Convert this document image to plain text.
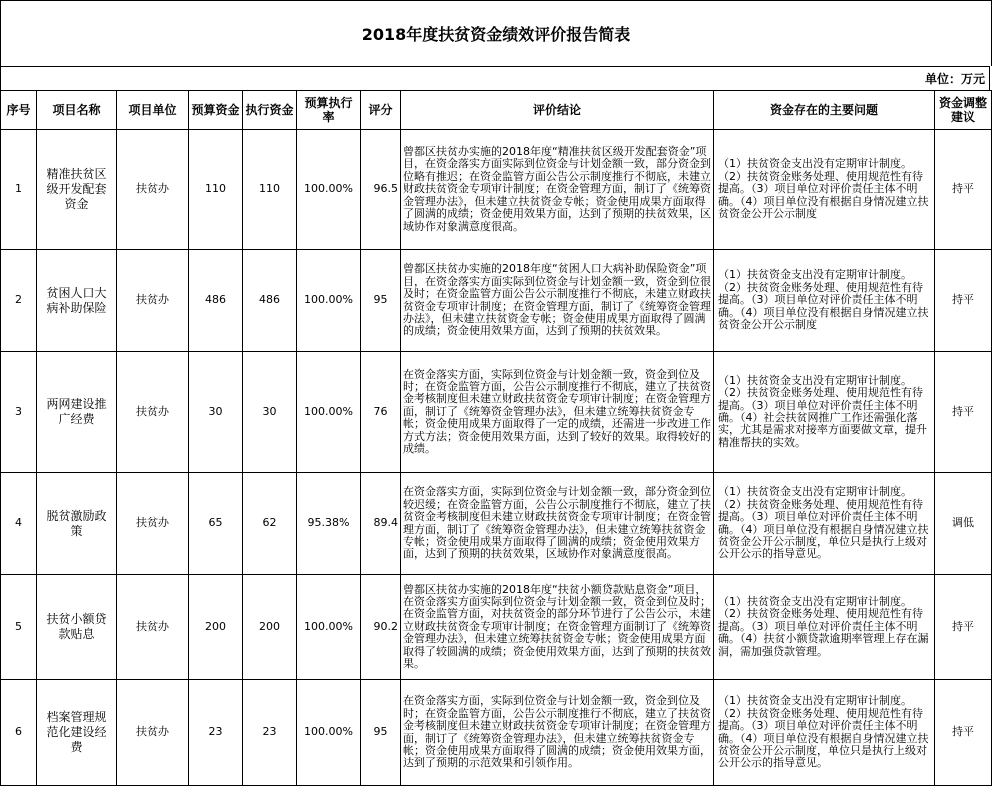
2018年度扶贫资金绩效评价报告简表
单位：万元
序号	项目名称	项目单位	预算资金	执行资金	预算执行率	评分	评价结论	资金存在的主要问题	资金调整建议
1	精准扶贫区级开发配套资金	扶贫办	110	110	100.00%	96.5	曾都区扶贫办实施的2018年度“精准扶贫区级开发配套资金”项目，在资金落实方面实际到位资金与计划金额一致，部分资金到位略有推迟；在资金监管方面公告公示制度推行不彻底，未建立财政扶贫资金专项审计制度；在资金管理方面，制订了《统筹资金管理办法》，但未建立扶贫资金专帐；资金使用成果方面取得了圆满的成绩；资金使用效果方面，达到了预期的扶贫效果，区域协作对象满意度很高。	（1）扶贫资金支出没有定期审计制度。
（2）扶贫资金账务处理、使用规范性有待提高。（3）项目单位对评价责任主体不明确。（4）项目单位没有根据自身情况建立扶贫资金公开公示制度	持平
2	贫困人口大病补助保险	扶贫办	486	486	100.00%	95	曾都区扶贫办实施的2018年度“贫困人口大病补助保险资金”项目，在资金落实方面实际到位资金与计划金额一致，资金到位很及时；在资金监管方面公告公示制度推行不彻底，未建立财政扶贫资金专项审计制度；在资金管理方面，制订了《统筹资金管理办法》，但未建立扶贫资金专帐；资金使用成果方面取得了圆满的成绩；资金使用效果方面，达到了预期的扶贫效果。	（1）扶贫资金支出没有定期审计制度。
（2）扶贫资金账务处理、使用规范性有待提高。（3）项目单位对评价责任主体不明确。（4）项目单位没有根据自身情况建立扶贫资金公开公示制度	持平
3	两网建设推广经费	扶贫办	30	30	100.00%	76	在资金落实方面，实际到位资金与计划金额一致，资金到位及时；在资金监管方面，公告公示制度推行不彻底，建立了扶贫资金考核制度但未建立财政扶贫资金专项审计制度；在资金管理方面，制订了《统筹资金管理办法》，但未建立统筹扶贫资金专帐；资金使用成果方面取得了一定的成绩，还需进一步改进工作方式方法；资金使用效果方面，达到了较好的效果。取得较好的成绩。	（1）扶贫资金支出没有定期审计制度。
（2）扶贫资金账务处理、使用规范性有待提高。（3）项目单位对评价责任主体不明确。（4）社会扶贫网推广工作还需强化落实，尤其是需求对接率方面要做文章，提升精准帮扶的实效。	持平
4	脱贫激励政策	扶贫办	65	62	95.38%	89.4	在资金落实方面，实际到位资金与计划金额一致，部分资金到位较迟缓；在资金监管方面，公告公示制度推行不彻底，建立了扶贫资金考核制度但未建立财政扶贫资金专项审计制度；在资金管理方面，制订了《统筹资金管理办法》，但未建立统筹扶贫资金专帐；资金使用成果方面取得了圆满的成绩；资金使用效果方面，达到了预期的扶贫效果，区域协作对象满意度很高。	（1）扶贫资金支出没有定期审计制度。
（2）扶贫资金账务处理、使用规范性有待提高。（3）项目单位对评价责任主体不明确。（4）项目单位没有根据自身情况建立扶贫资金公开公示制度，单位只是执行上级对公开公示的指导意见。	调低
5	扶贫小额贷款贴息	扶贫办	200	200	100.00%	90.2	曾都区扶贫办实施的2018年度“扶贫小额贷款贴息资金”项目，在资金落实方面实际到位资金与计划金额一致，资金到位及时；在资金监管方面，对扶贫资金的部分环节进行了公告公示，未建立财政扶贫资金专项审计制度；在资金管理方面制订了《统筹资金管理办法》，但未建立统筹扶贫资金专帐；资金使用成果方面取得了较圆满的成绩；资金使用效果方面，达到了预期的扶贫效果。	（1）扶贫资金支出没有定期审计制度。
（2）扶贫资金账务处理、使用规范性有待提高。（3）项目单位对评价责任主体不明确。（4）扶贫小额贷款逾期率管理上存在漏洞，需加强贷款管理。	持平
6	档案管理规范化建设经费	扶贫办	23	23	100.00%	95	在资金落实方面，实际到位资金与计划金额一致，资金到位及时；在资金监管方面，公告公示制度推行不彻底，建立了扶贫资金考核制度但未建立财政扶贫资金专项审计制度；在资金管理方面，制订了《统筹资金管理办法》，但未建立统筹扶贫资金专帐；资金使用成果方面取得了圆满的成绩；资金使用效果方面，达到了预期的示范效果和引领作用。	（1）扶贫资金支出没有定期审计制度。
（2）扶贫资金账务处理、使用规范性有待提高。（3）项目单位对评价责任主体不明确。（4）项目单位没有根据自身情况建立扶贫资金公开公示制度，单位只是执行上级对公开公示的指导意见。	持平
